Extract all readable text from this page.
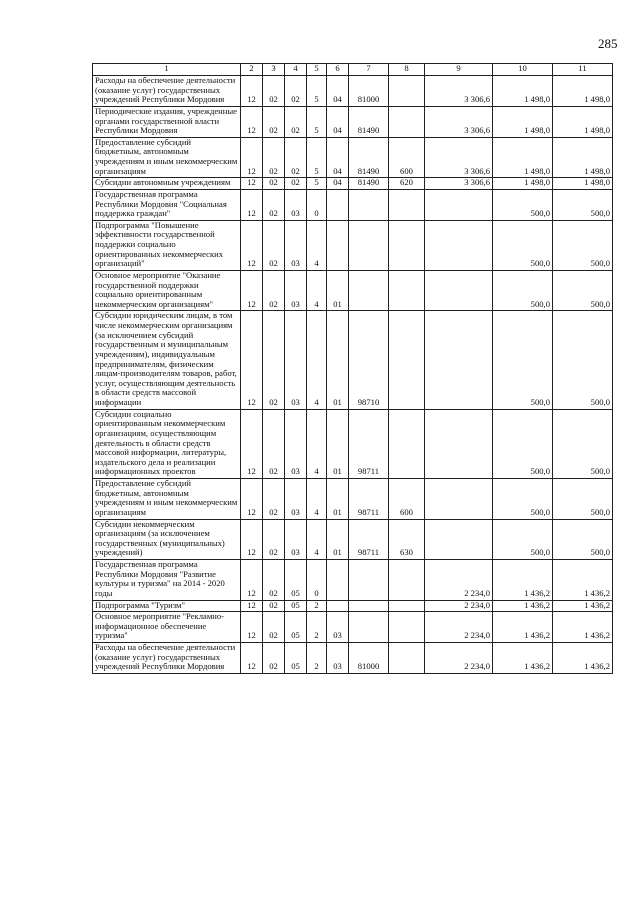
285
1	2	3	4	5	6	7	8	9	10	11
Расходы на обеспечение деятельности (оказание услуг) государственных учреждений Республики Мордовия	12	02	02	5	04	81000		3 306,6	1 498,0	1 498,0
Периодические издания, учрежденные органами государственной власти Республики Мордовия	12	02	02	5	04	81490		3 306,6	1 498,0	1 498,0
Предоставление субсидий бюджетным, автономным учреждениям и иным некоммерческим организациям	12	02	02	5	04	81490	600	3 306,6	1 498,0	1 498,0
Субсидии автономным учреждениям	12	02	02	5	04	81490	620	3 306,6	1 498,0	1 498,0
Государственная программа Республики Мордовия "Социальная поддержка граждан"	12	02	03	0					500,0	500,0
Подпрограмма "Повышение эффективности государственной поддержки социально ориентированных некоммерческих организаций"	12	02	03	4					500,0	500,0
Основное мероприятие "Оказание государственной поддержки социально ориентированным некоммерческим организациям"	12	02	03	4	01				500,0	500,0
Субсидии юридическим лицам, в том числе некоммерческим организациям (за исключением субсидий государственным и муниципальным учреждениям), индивидуальным предпринимателям, физическим лицам-производителям товаров, работ, услуг, осуществляющим деятельность в области средств массовой информации	12	02	03	4	01	98710			500,0	500,0
Субсидии социально ориентированным некоммерческим организациям, осуществляющим деятельность в области средств массовой информации, литературы, издательского дела и реализации информационных проектов	12	02	03	4	01	98711			500,0	500,0
Предоставление субсидий бюджетным, автономным учреждениям и иным некоммерческим организациям	12	02	03	4	01	98711	600		500,0	500,0
Субсидии некоммерческим организациям (за исключением государственных (муниципальных) учреждений)	12	02	03	4	01	98711	630		500,0	500,0
Государственная программа Республики Мордовия "Развитие культуры и туризма" на 2014 - 2020 годы	12	02	05	0				2 234,0	1 436,2	1 436,2
Подпрограмма "Туризм"	12	02	05	2				2 234,0	1 436,2	1 436,2
Основное мероприятие "Рекламно-информационное обеспечение туризма"	12	02	05	2	03			2 234,0	1 436,2	1 436,2
Расходы на обеспечение деятельности (оказание услуг) государственных учреждений Республики Мордовия	12	02	05	2	03	81000		2 234,0	1 436,2	1 436,2
